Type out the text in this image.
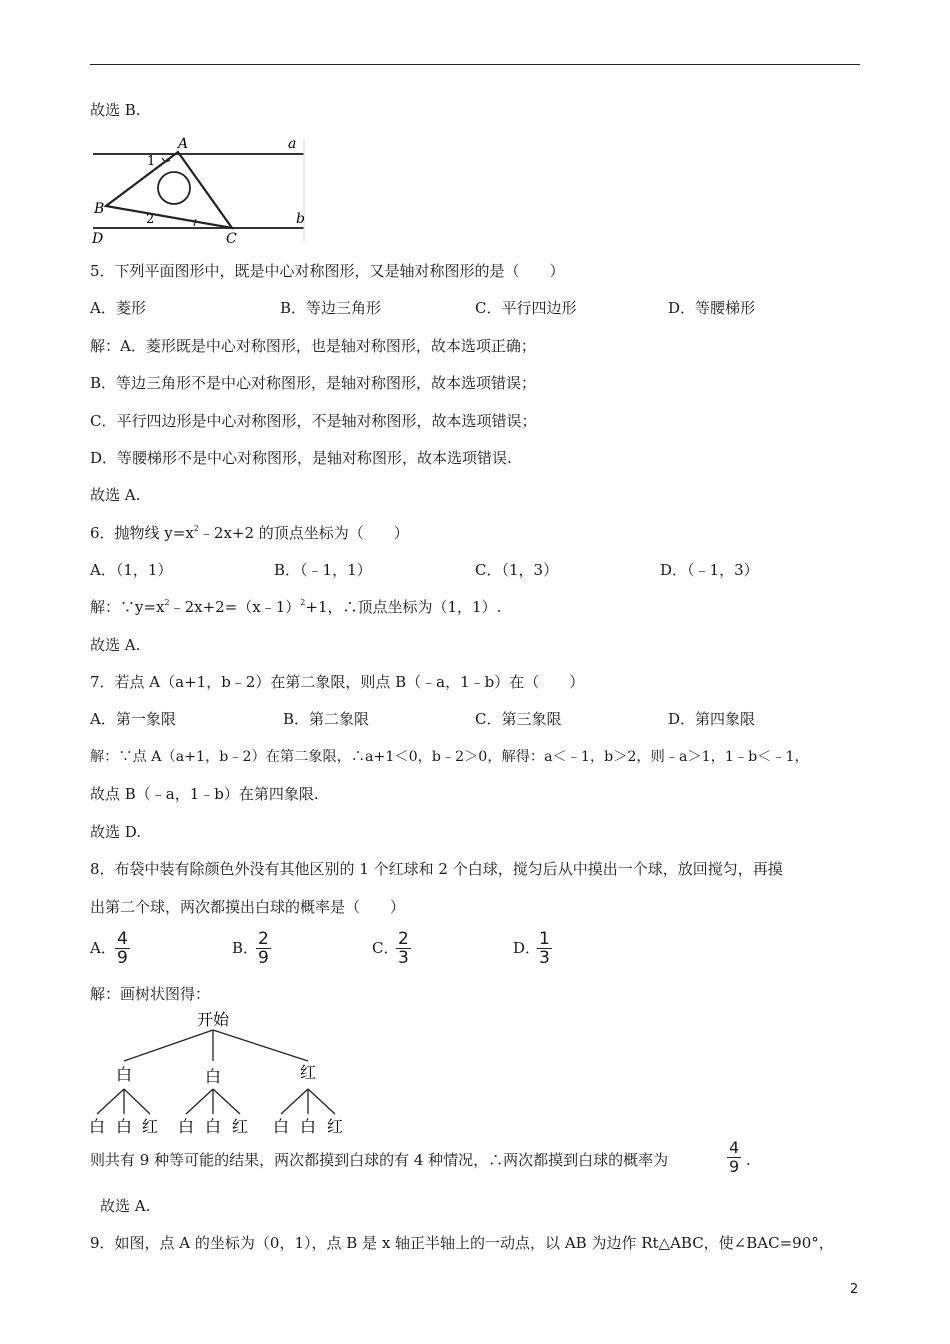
故选 B.
A	a
1
B
2	b
D	C
5．下列平面图形中，既是中心对称图形，又是轴对称图形的是（　　）
A．菱形	B．等边三角形	C．平行四边形	D．等腰梯形
解：A．菱形既是中心对称图形，也是轴对称图形，故本选项正确；
B．等边三角形不是中心对称图形，是轴对称图形，故本选项错误；
C．平行四边形是中心对称图形，不是轴对称图形，故本选项错误；
D．等腰梯形不是中心对称图形，是轴对称图形，故本选项错误.
故选 A.
6．抛物线 $y=x^2﹣2x+2$ 的顶点坐标为（　　）
A．（1，1）	B．（﹣1，1）	C．（1，3）	D．（﹣1，3）
解：$\because y=x^2﹣2x+2=(x﹣1)^2+1$，∴顶点坐标为（1，1）.
故选 A.
7．若点 A（a+1，b﹣2）在第二象限，则点 B（﹣a，1﹣b）在（　　）
A．第一象限	B．第二象限	C．第三象限	D．第四象限
解：∵点 A（a+1，b﹣2）在第二象限，∴a+1＜0，b﹣2＞0，解得：a＜﹣1，b＞2，则﹣a＞1，1﹣b＜﹣1，
故点 B（﹣a，1﹣b）在第四象限.
故选 D.
8．布袋中装有除颜色外没有其他区别的 1 个红球和 2 个白球，搅匀后从中摸出一个球，放回搅匀，再摸
出第二个球，两次都摸出白球的概率是（　　）
A． $\frac{4}{9}$	B．
$\frac{2}{9}$	C．
$\frac{2}{3}$	D．
$\frac{1}{3}$
解：画树状图得：
开始
白	白	红
白 白 红 白 白 红 白 白 红
则共有 9 种等可能的结果，两次都摸到白球的有 4 种情况，∴两次都摸到白球的概率为	$\frac{4}{9}$ .
故选 A.
9．如图，点 A 的坐标为（0，1），点 B 是 x 轴正半轴上的一动点，以 AB 为边作 Rt△ABC，使∠BAC=90°，
2
